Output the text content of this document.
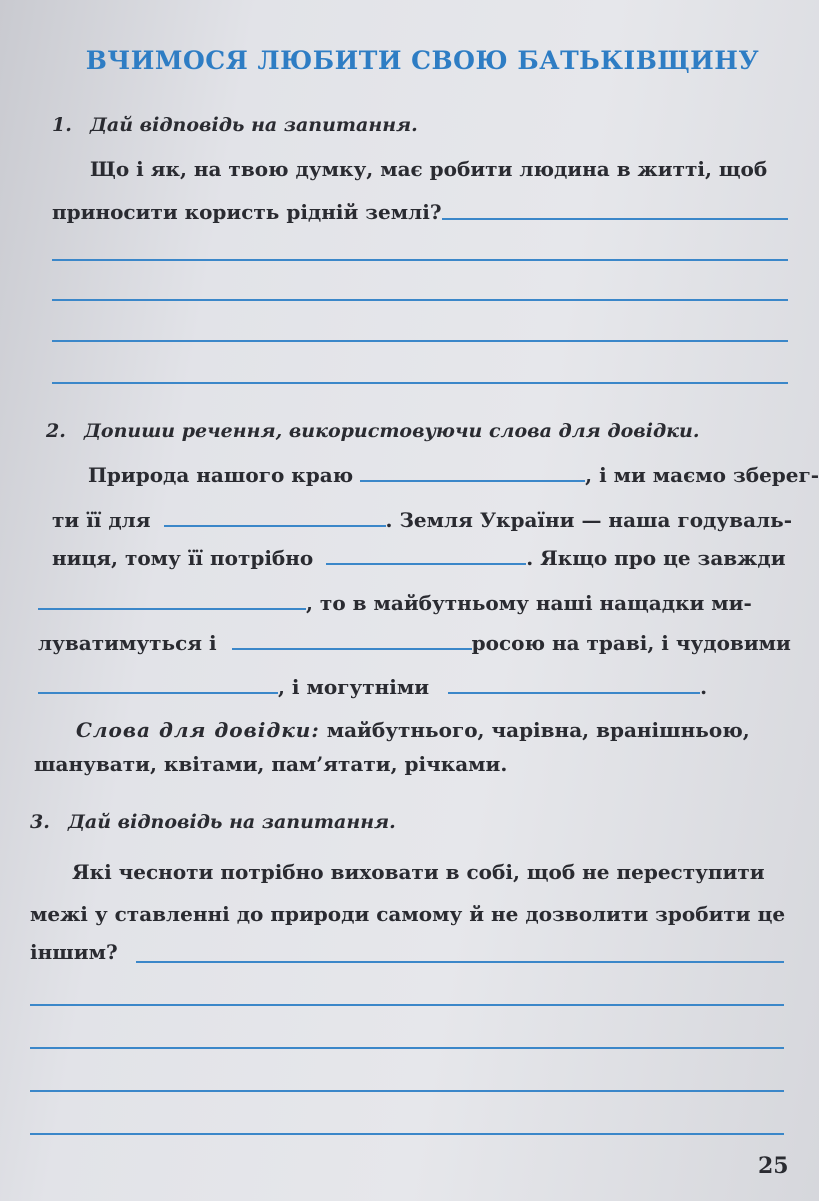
ВЧИМОСЯ ЛЮБИТИ СВОЮ БАТЬКІВЩИНУ
1. Дай відповідь на запитання.
Що і як, на твою думку, має робити людина в житті, щоб
приносити користь рідній землі?
2. Допиши речення, використовуючи слова для довідки.
Природа нашого краю	, і ми маємо зберег-
ти її для	. Земля України — наша годуваль-
ниця, тому її потрібно	. Якщо про це завжди
, то в майбутньому наші нащадки ми-
луватимуться і	росою на траві, і чудовими
, і могутніми	.
Слова для довідки: майбутнього, чарівна, вранішньою,
шанувати, квітами, пам’ятати, річками.
3. Дай відповідь на запитання.
Які чесноти потрібно виховати в собі, щоб не переступити
межі у ставленні до природи самому й не дозволити зробити це
іншим?
25
